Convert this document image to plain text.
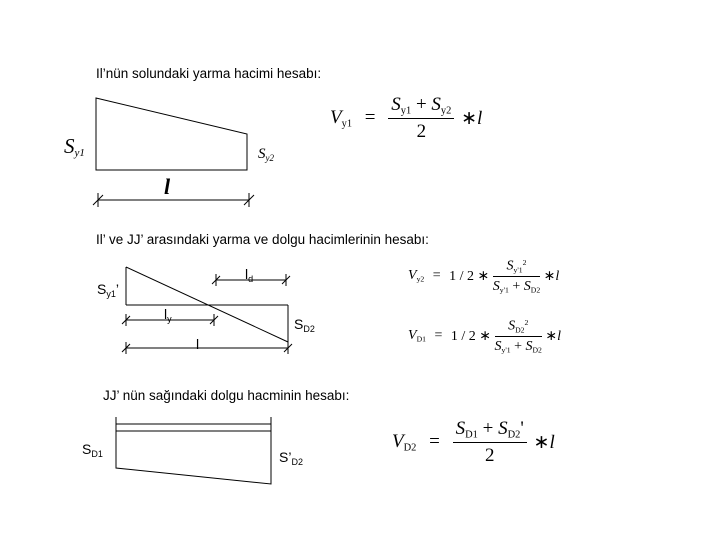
Il’nün solundaki yarma hacimi hesabı:
$S_{y1}$	$S_{y2}$
l
$V_{y1} = \frac{S_{y1} + S_{y2}}{2}$ ∗l
Il’ ve JJ’ arasındaki yarma ve dolgu hacimlerinin hesabı:
$S_{y1}$’
$S_{D2}$
$l_d$
$l_y$
l
$V_{y2} = 1 / 2$ ∗ $\frac{S_{y'1}^2}{S_{y'1} + S_{D2}}$ ∗l
$V_{D1} = 1 / 2$ ∗ $\frac{S_{D2}^2}{S_{y'1} + S_{D2}}$ ∗l
JJ’ nün sağındaki dolgu hacminin hesabı:
$S_{D1}$	$S’_{D2}$
$V_{D2} = \frac{S_{D1} + S_{D2}'}{2}$ ∗l
